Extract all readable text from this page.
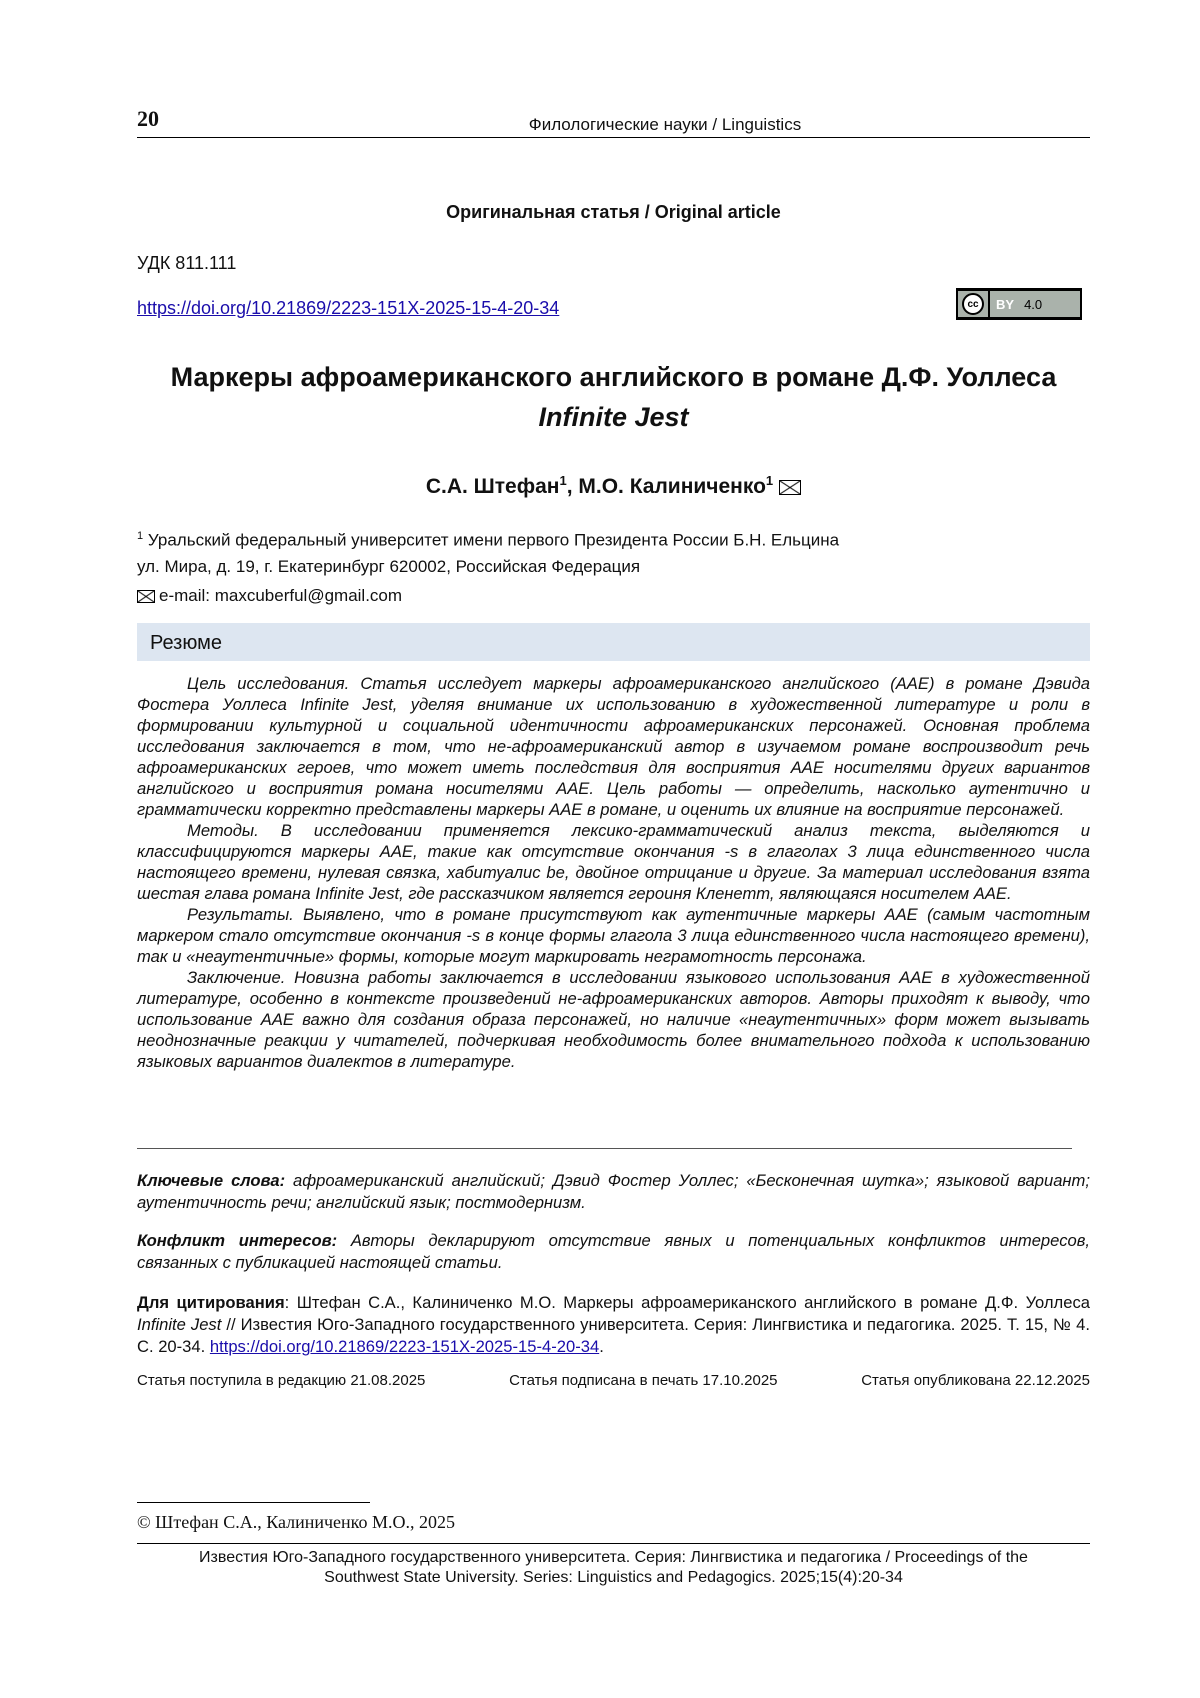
20	Филологические науки / Linguistics
Оригинальная статья / Original article
УДК 811.111
https://doi.org/10.21869/2223-151X-2025-15-4-20-34	cc	BY 4.0
Маркеры афроамериканского английского в романе Д.Ф. Уоллеса
Infinite Jest
С.А. Штефан$^1$, М.О. Калиниченко$^1$
$^1$ Уральский федеральный университет имени первого Президента России Б.Н. Ельцина
ул. Мира, д. 19, г. Екатеринбург 620002, Российская Федерация
e-mail: maxcuberful@gmail.com
Резюме

Цель исследования. Статья исследует маркеры афроамериканского английского (AAE) в романе Дэвида Фостера Уоллеса Infinite Jest, уделяя внимание их использованию в художественной литературе и роли в формировании культурной и социальной идентичности афроамериканских персонажей. Основная проблема исследования заключается в том, что не-афроамериканский автор в изучаемом романе воспроизводит речь афроамериканских героев, что может иметь последствия для восприятия AAE носителями других вариантов английского и восприятия романа носителями AAE. Цель работы — определить, насколько аутентично и грамматически корректно представлены маркеры AAE в романе, и оценить их влияние на восприятие персонажей.

Методы. В исследовании применяется лексико-грамматический анализ текста, выделяются и классифицируются маркеры AAE, такие как отсутствие окончания -s в глаголах 3 лица единственного числа настоящего времени, нулевая связка, хабитуалис be, двойное отрицание и другие. За материал исследования взята шестая глава романа Infinite Jest, где рассказчиком является героиня Кленетт, являющаяся носителем AAE.

Результаты. Выявлено, что в романе присутствуют как аутентичные маркеры AAE (самым частотным маркером стало отсутствие окончания -s в конце формы глагола 3 лица единственного числа настоящего времени), так и «неаутентичные» формы, которые могут маркировать неграмотность персонажа.

Заключение. Новизна работы заключается в исследовании языкового использования AAE в художественной литературе, особенно в контексте произведений не-афроамериканских авторов. Авторы приходят к выводу, что использование AAE важно для создания образа персонажей, но наличие «неаутентичных» форм может вызывать неоднозначные реакции у читателей, подчеркивая необходимость более внимательного подхода к использованию языковых вариантов диалектов в литературе.

Ключевые слова: афроамериканский английский; Дэвид Фостер Уоллес; «Бесконечная шутка»; языковой вариант; аутентичность речи; английский язык; постмодернизм.
Конфликт интересов: Авторы декларируют отсутствие явных и потенциальных конфликтов интересов, связанных с публикацией настоящей статьи.
Для цитирования: Штефан С.А., Калиниченко М.О. Маркеры афроамериканского английского в романе Д.Ф. Уоллеса Infinite Jest // Известия Юго-Западного государственного университета. Серия: Лингвистика и педагогика. 2025. Т. 15, № 4. С. 20-34. https://doi.org/10.21869/2223-151X-2025-15-4-20-34.
Статья поступила в редакцию 21.08.2025	Статья подписана в печать 17.10.2025	Статья опубликована 22.12.2025
© Штефан С.А., Калиниченко М.О., 2025
Известия Юго-Западного государственного университета. Серия: Лингвистика и педагогика / Proceedings of the
Southwest State University. Series: Linguistics and Pedagogics. 2025;15(4):20-34
